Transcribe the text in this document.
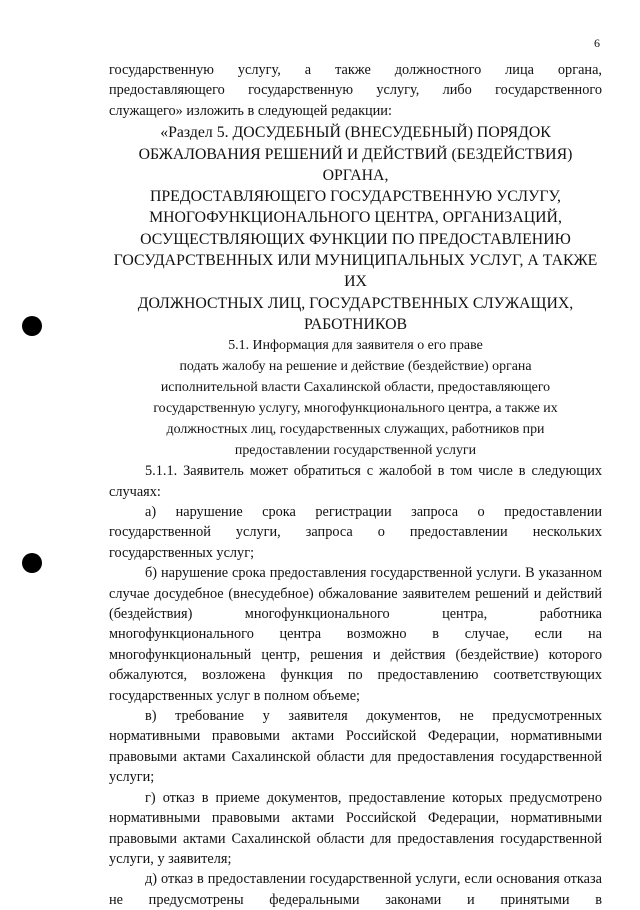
6

государственную услугу, а также должностного лица органа,
предоставляющего государственную услугу, либо государственного
служащего» изложить в следующей редакции:

«Раздел 5. ДОСУДЕБНЫЙ (ВНЕСУДЕБНЫЙ) ПОРЯДОК
ОБЖАЛОВАНИЯ РЕШЕНИЙ И ДЕЙСТВИЙ (БЕЗДЕЙСТВИЯ) ОРГАНА,
ПРЕДОСТАВЛЯЮЩЕГО ГОСУДАРСТВЕННУЮ УСЛУГУ,
МНОГОФУНКЦИОНАЛЬНОГО ЦЕНТРА, ОРГАНИЗАЦИЙ,
ОСУЩЕСТВЛЯЮЩИХ ФУНКЦИИ ПО ПРЕДОСТАВЛЕНИЮ
ГОСУДАРСТВЕННЫХ ИЛИ МУНИЦИПАЛЬНЫХ УСЛУГ, А ТАКЖЕ ИХ
ДОЛЖНОСТНЫХ ЛИЦ, ГОСУДАРСТВЕННЫХ СЛУЖАЩИХ,
РАБОТНИКОВ
5.1. Информация для заявителя о его праве
подать жалобу на решение и действие (бездействие) органа
исполнительной власти Сахалинской области, предоставляющего
государственную услугу, многофункционального центра, а также их
должностных лиц, государственных служащих, работников при
предоставлении государственной услуги

5.1.1. Заявитель может обратиться с жалобой в том числе в следующих случаях:

а) нарушение срока регистрации запроса о предоставлении государственной услуги, запроса о предоставлении нескольких государственных услуг;

б) нарушение срока предоставления государственной услуги. В указанном случае досудебное (внесудебное) обжалование заявителем решений и действий (бездействия) многофункционального центра, работника многофункционального центра возможно в случае, если на многофункциональный центр, решения и действия (бездействие) которого обжалуются, возложена функция по предоставлению соответствующих государственных услуг в полном объеме;

в) требование у заявителя документов, не предусмотренных нормативными правовыми актами Российской Федерации, нормативными правовыми актами Сахалинской области для предоставления государственной услуги;

г) отказ в приеме документов, предоставление которых предусмотрено нормативными правовыми актами Российской Федерации, нормативными правовыми актами Сахалинской области для предоставления государственной услуги, у заявителя;

д) отказ в предоставлении государственной услуги, если основания отказа не предусмотрены федеральными законами и принятыми в
